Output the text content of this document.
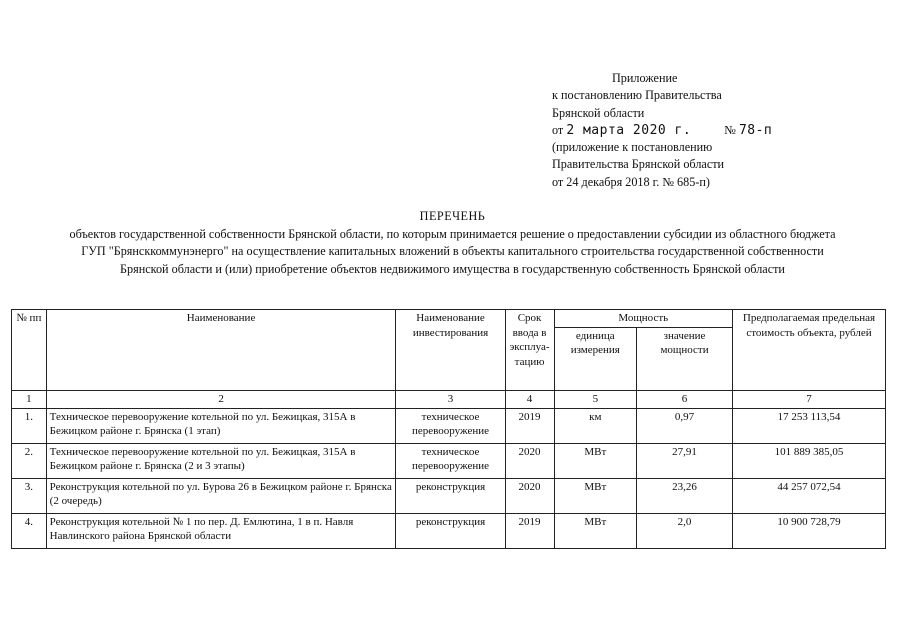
Приложение
к постановлению Правительства
Брянской области
от 2 марта 2020 г.	№ 78-п
(приложение к постановлению
Правительства Брянской области
от 24 декабря 2018 г. № 685-п)
ПЕРЕЧЕНЬ
объектов государственной собственности Брянской области, по которым принимается решение о предоставлении субсидии из областного бюджета
ГУП "Брянсккоммунэнерго" на осуществление капитальных вложений в объекты капитального строительства государственной собственности
Брянской области и (или) приобретение объектов недвижимого имущества в государственную собственность Брянской области
№ пп	Наименование	Наименование инвестирования	Срок ввода в эксплуа-тацию	Мощность		Предполагаемая предельная стоимость объекта, рублей
				единица измерения	значение мощности	
1	2	3	4	5	6	7
1.	Техническое перевооружение котельной по ул. Бежицкая, 315А в Бежицком районе г. Брянска (1 этап)	техническое перевооружение	2019	км	0,97	17 253 113,54
2.	Техническое перевооружение котельной по ул. Бежицкая, 315А в Бежицком районе г. Брянска (2 и 3 этапы)	техническое перевооружение	2020	МВт	27,91	101 889 385,05
3.	Реконструкция котельной по ул. Бурова 26 в Бежицком районе г. Брянска (2 очередь)	реконструкция	2020	МВт	23,26	44 257 072,54
4.	Реконструкция котельной № 1 по пер. Д. Емлютина, 1 в п. Навля Навлинского района Брянской области	реконструкция	2019	МВт	2,0	10 900 728,79
